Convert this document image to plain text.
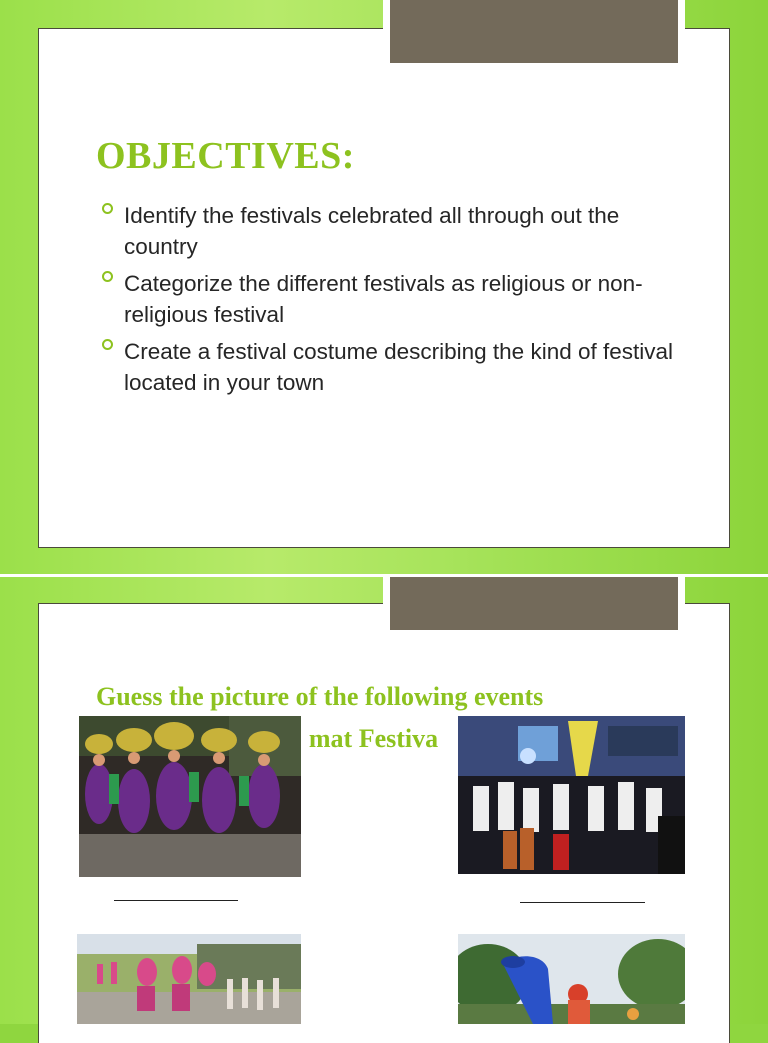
OBJECTIVES:
Identify the festivals celebrated all through out the country
Categorize the different festivals as religious or non-religious festival
Create a festival costume describing the kind of festival located in your town
Guess the picture of the following events
mat Festiva
